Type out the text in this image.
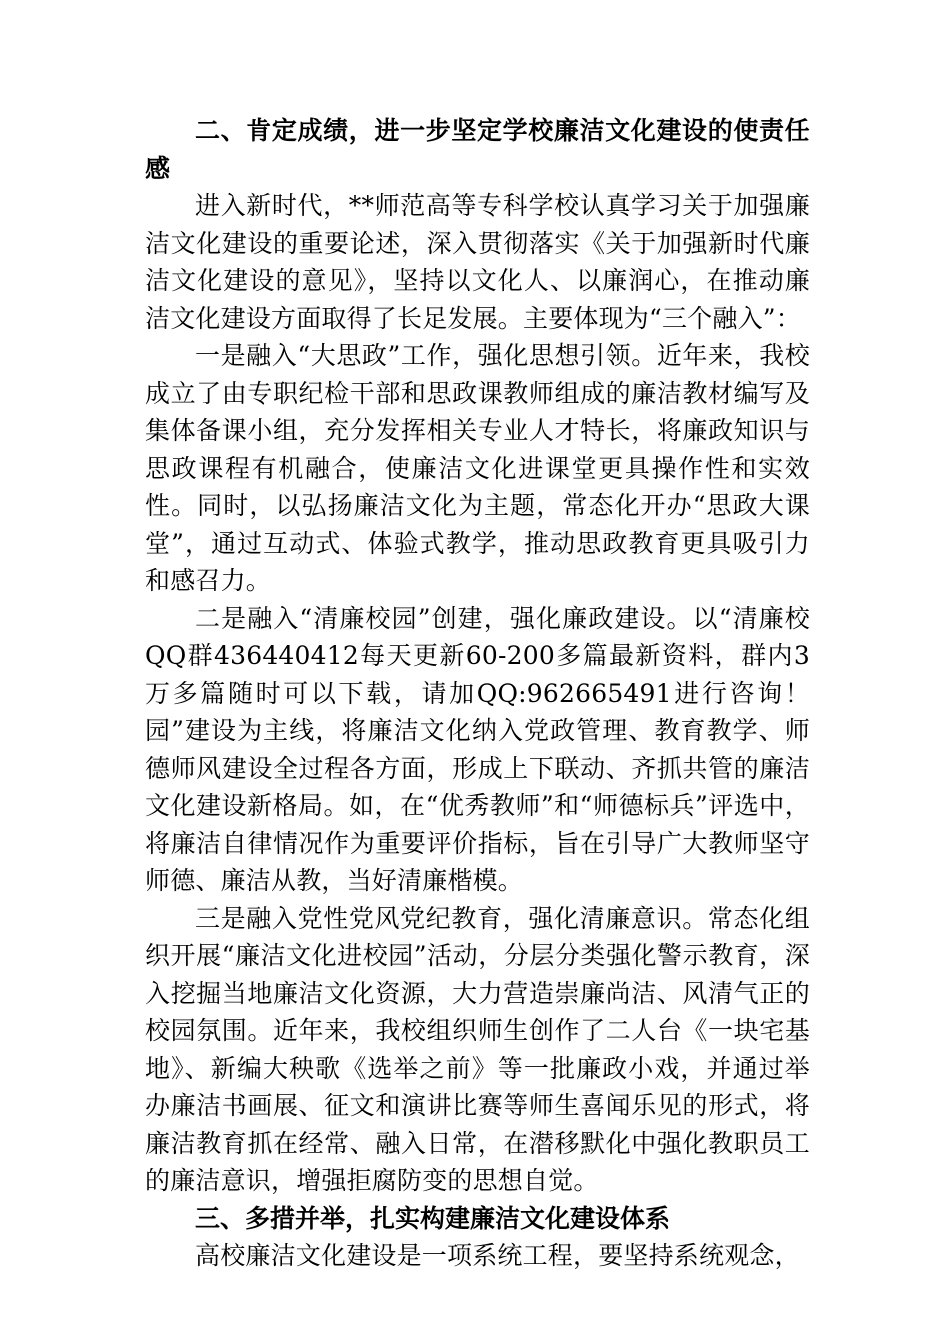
二、肯定成绩，进一步坚定学校廉洁文化建设的使责任感

进入新时代，**师范高等专科学校认真学习关于加强廉洁文化建设的重要论述，深入贯彻落实《关于加强新时代廉洁文化建设的意见》，坚持以文化人、以廉润心，在推动廉洁文化建设方面取得了长足发展。主要体现为“三个融入”：

一是融入“大思政”工作，强化思想引领。近年来，我校成立了由专职纪检干部和思政课教师组成的廉洁教材编写及集体备课小组，充分发挥相关专业人才特长，将廉政知识与思政课程有机融合，使廉洁文化进课堂更具操作性和实效性。同时，以弘扬廉洁文化为主题，常态化开办“思政大课堂”，通过互动式、体验式教学，推动思政教育更具吸引力和感召力。

二是融入“清廉校园”创建，强化廉政建设。以“清廉校QQ群436440412每天更新60-200多篇最新资料，群内3万多篇随时可以下载，请加QQ:962665491进行咨询！园”建设为主线，将廉洁文化纳入党政管理、教育教学、师德师风建设全过程各方面，形成上下联动、齐抓共管的廉洁文化建设新格局。如，在“优秀教师”和“师德标兵”评选中，将廉洁自律情况作为重要评价指标，旨在引导广大教师坚守师德、廉洁从教，当好清廉楷模。

三是融入党性党风党纪教育，强化清廉意识。常态化组织开展“廉洁文化进校园”活动，分层分类强化警示教育，深入挖掘当地廉洁文化资源，大力营造崇廉尚洁、风清气正的校园氛围。近年来，我校组织师生创作了二人台《一块宅基地》、新编大秧歌《选举之前》等一批廉政小戏，并通过举办廉洁书画展、征文和演讲比赛等师生喜闻乐见的形式，将廉洁教育抓在经常、融入日常，在潜移默化中强化教职员工的廉洁意识，增强拒腐防变的思想自觉。

三、多措并举，扎实构建廉洁文化建设体系

高校廉洁文化建设是一项系统工程，要坚持系统观念，
